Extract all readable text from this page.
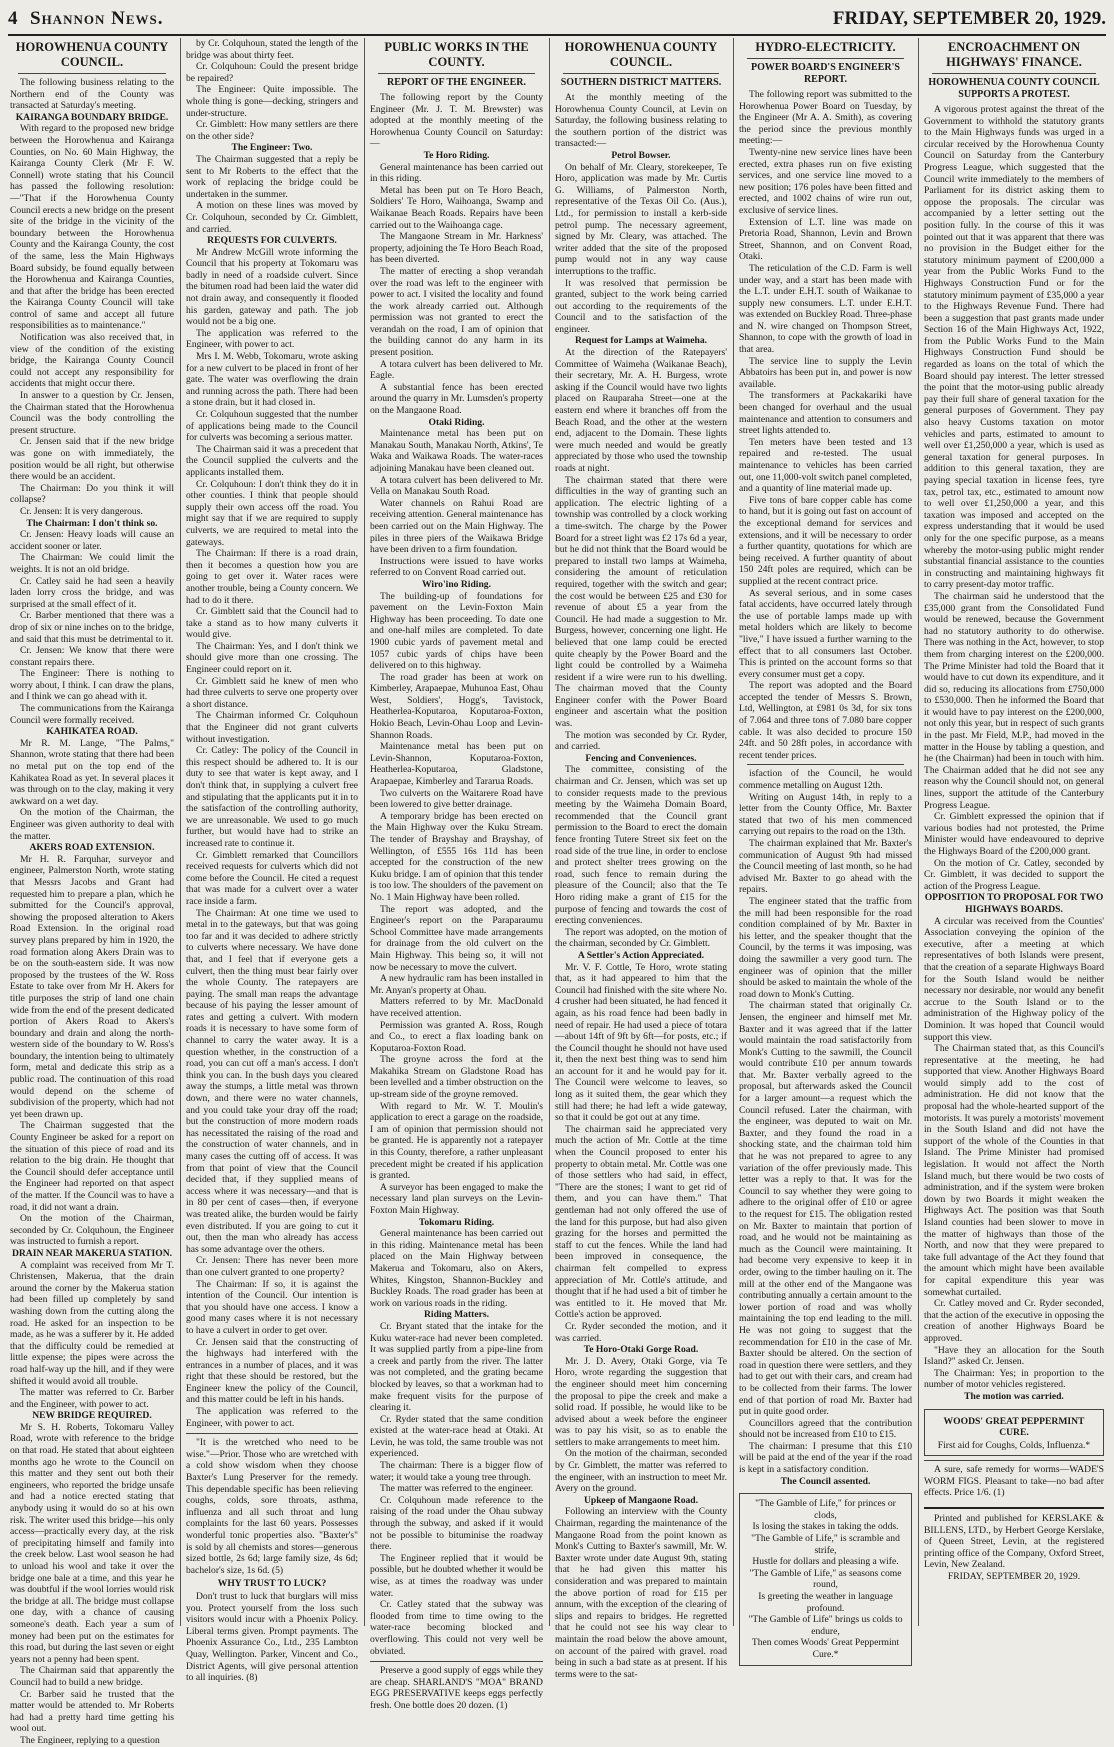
4 Shannon News.	FRIDAY, SEPTEMBER 20, 1929.
HOROWHENUA COUNTY COUNCIL.

The following business relating to the Northern end of the County was transacted at Saturday's meeting.

KAIRANGA BOUNDARY BRIDGE.

With regard to the proposed new bridge between the Horowhenua and Kairanga Counties, on No. 60 Main Highway, the Kairanga County Clerk (Mr F. W. Connell) wrote stating that his Council has passed the following resolution:—"That if the Horowhenua County Council erects a new bridge on the present site of the bridge in the vicinity of the boundary between the Horowhenua County and the Kairanga County, the cost of the same, less the Main Highways Board subsidy, be found equally between the Horowhenua and Kairanga Counties, and that after the bridge has been erected the Kairanga County Council will take control of same and accept all future responsibilities as to maintenance."

Notification was also received that, in view of the condition of the existing bridge, the Kairanga County Council could not accept any responsibility for accidents that might occur there.

In answer to a question by Cr. Jensen, the Chairman stated that the Horowhenua Council was the body controlling the present structure.

Cr. Jensen said that if the new bridge was gone on with immediately, the position would be all right, but otherwise there would be an accident.

The Chairman: Do you think it will collapse?

Cr. Jensen: It is very dangerous.

The Chairman: I don't think so.

Cr. Jensen: Heavy loads will cause an accident sooner or later.

The Chairman: We could limit the weights. It is not an old bridge.

Cr. Catley said he had seen a heavily laden lorry cross the bridge, and was surprised at the small effect of it.

Cr. Barber mentioned that there was a drop of six or nine inches on to the bridge, and said that this must be detrimental to it.

Cr. Jensen: We know that there were constant repairs there.

The Engineer: There is nothing to worry about, I think. I can draw the plans, and I think we can go ahead with it.

The communications from the Kairanga Council were formally received.

KAHIKATEA ROAD.

Mr R. M. Lange, "The Palms," Shannon, wrote stating that there had been no metal put on the top end of the Kahikatea Road as yet. In several places it was through on to the clay, making it very awkward on a wet day.

On the motion of the Chairman, the Engineer was given authority to deal with the matter.

AKERS ROAD EXTENSION.

Mr H. R. Farquhar, surveyor and engineer, Palmerston North, wrote stating that Messrs Jacobs and Grant had requested him to prepare a plan, which he submitted for the Council's approval, showing the proposed alteration to Akers Road Extension. In the original road survey plans prepared by him in 1920, the road formation along Akers Drain was to be on the south-eastern side. It was now proposed by the trustees of the W. Ross Estate to take over from Mr H. Akers for title purposes the strip of land one chain wide from the end of the present dedicated portion of Akers Road to Akers's boundary and drain and along the north-western side of the boundary to W. Ross's boundary, the intention being to ultimately form, metal and dedicate this strip as a public road. The continuation of this road would depend on the scheme of subdivision of the property, which had not yet been drawn up.

The Chairman suggested that the County Engineer be asked for a report on the situation of this piece of road and its relation to the big drain. He thought that the Council should defer acceptance until the Engineer had reported on that aspect of the matter. If the Council was to have a road, it did not want a drain.

On the motion of the Chairman, seconded by Cr. Colquhoun, the Engineer was instructed to furnish a report.

DRAIN NEAR MAKERUA STATION.

A complaint was received from Mr T. Christensen, Makerua, that the drain around the corner by the Makerua station had been filled up completely by sand washing down from the cutting along the road. He asked for an inspection to be made, as he was a sufferer by it. He added that the difficulty could be remedied at little expense; the pipes were across the road half-way up the hill, and if they were shifted it would avoid all trouble.

The matter was referred to Cr. Barber and the Engineer, with power to act.

NEW BRIDGE REQUIRED.

Mr S. H. Roberts, Tokomaru Valley Road, wrote with reference to the bridge on that road. He stated that about eighteen months ago he wrote to the Council on this matter and they sent out both their engineers, who reported the bridge unsafe and had a notice erected stating that anybody using it would do so at his own risk. The writer used this bridge—his only access—practically every day, at the risk of precipitating himself and family into the creek below. Last wool season he had to unload his wool and take it over the bridge one bale at a time, and this year he was doubtful if the wool lorries would risk the bridge at all. The bridge must collapse one day, with a chance of causing someone's death. Each year a sum of money had been put on the estimates for this road, but during the last seven or eight years not a penny had been spent.

The Chairman said that apparently the Council had to build a new bridge.

Cr. Barber said he trusted that the matter would be attended to. Mr Roberts had had a pretty hard time getting his wool out.

The Engineer, replying to a question

by Cr. Colquhoun, stated the length of the bridge was about thirty feet.

Cr. Colquhoun: Could the present bridge be repaired?

The Engineer: Quite impossible. The whole thing is gone—decking, stringers and under-structure.

Cr. Gimblett: How many settlers are there on the other side?

The Engineer: Two.

The Chairman suggested that a reply be sent to Mr Roberts to the effect that the work of replacing the bridge could be undertaken in the summer.

A motion on these lines was moved by Cr. Colquhoun, seconded by Cr. Gimblett, and carried.

REQUESTS FOR CULVERTS.

Mr Andrew McGill wrote informing the Council that his property at Tokomaru was badly in need of a roadside culvert. Since the bitumen road had been laid the water did not drain away, and consequently it flooded his garden, gateway and path. The job would not be a big one.

The application was referred to the Engineer, with power to act.

Mrs I. M. Webb, Tokomaru, wrote asking for a new culvert to be placed in front of her gate. The water was overflowing the drain and running across the path. There had been a stone drain, but it had closed in.

Cr. Colquhoun suggested that the number of applications being made to the Council for culverts was becoming a serious matter.

The Chairman said it was a precedent that the Council supplied the culverts and the applicants installed them.

Cr. Colquhoun: I don't think they do it in other counties. I think that people should supply their own access off the road. You might say that if we are required to supply culverts, we are required to metal into the gateways.

The Chairman: If there is a road drain, then it becomes a question how you are going to get over it. Water races were another trouble, being a County concern. We had to do it there.

Cr. Gimblett said that the Council had to take a stand as to how many culverts it would give.

The Chairman: Yes, and I don't think we should give more than one crossing. The Engineer could report on it.

Cr. Gimblett said he knew of men who had three culverts to serve one property over a short distance.

The Chairman informed Cr. Colquhoun that the Engineer did not grant culverts without investigation.

Cr. Catley: The policy of the Council in this respect should be adhered to. It is our duty to see that water is kept away, and I don't think that, in supplying a culvert free and stipulating that the applicants put it in to the satisfaction of the controlling authority, we are unreasonable. We used to go much further, but would have had to strike an increased rate to continue it.

Cr. Gimblett remarked that Councillors received requests for culverts which did not come before the Council. He cited a request that was made for a culvert over a water race inside a farm.

The Chairman: At one time we used to metal in to the gateways, but that was going too far and it was decided to adhere strictly to culverts where necessary. We have done that, and I feel that if everyone gets a culvert, then the thing must bear fairly over the whole County. The ratepayers are paying. The small man reaps the advantage because of his paying the lesser amount of rates and getting a culvert. With modern roads it is necessary to have some form of channel to carry the water away. It is a question whether, in the construction of a road, you can cut off a man's access. I don't think you can. In the bush days you cleared away the stumps, a little metal was thrown down, and there were no water channels, and you could take your dray off the road; but the construction of more modern roads has necessitated the raising of the road and the construction of water channels, and in many cases the cutting off of access. It was from that point of view that the Council decided that, if they supplied means of access where it was necessary—and that is in 80 per cent of cases—then, if everyone was treated alike, the burden would be fairly even distributed. If you are going to cut it out, then the man who already has access has some advantage over the others.

Cr. Jensen: There has never been more than one culvert granted to one property?

The Chairman: If so, it is against the intention of the Council. Our intention is that you should have one access. I know a good many cases where it is not necessary to have a culvert in order to get over.

Cr. Jensen said that the constructing of the highways had interfered with the entrances in a number of places, and it was right that these should be restored, but the Engineer knew the policy of the Council, and this matter could be left in his hands.

The application was referred to the Engineer, with power to act.

"It is the wretched who need to be wise."—Prior. Those who are wretched with a cold show wisdom when they choose Baxter's Lung Preserver for the remedy. This dependable specific has been relieving coughs, colds, sore throats, asthma, influenza and all such throat and lung complaints for the last 60 years. Possesses wonderful tonic properties also. "Baxter's" is sold by all chemists and stores—generous sized bottle, 2s 6d; large family size, 4s 6d; bachelor's size, 1s 6d. (5)

WHY TRUST TO LUCK?

Don't trust to luck that burglars will miss you. Protect yourself from the loss such visitors would incur with a Phoenix Policy. Liberal terms given. Prompt payments. The Phoenix Assurance Co., Ltd., 235 Lambton Quay, Wellington. Parker, Vincent and Co., District Agents, will give personal attention to all inquiries. (8)

PUBLIC WORKS IN THE COUNTY.
REPORT OF THE ENGINEER.

The following report by the County Engineer (Mr. J. T. M. Brewster) was adopted at the monthly meeting of the Horowhenua County Council on Saturday:—

Te Horo Riding.

General maintenance has been carried out in this riding.

Metal has been put on Te Horo Beach, Soldiers' Te Horo, Waihoanga, Swamp and Waikanae Beach Roads. Repairs have been carried out to the Waihoanga cage.

The Mangaone Stream in Mr. Harkness' property, adjoining the Te Horo Beach Road, has been diverted.

The matter of erecting a shop verandah over the road was left to the engineer with power to act. I visited the locality and found the work already carried out. Although permission was not granted to erect the verandah on the road, I am of opinion that the building cannot do any harm in its present position.

A totara culvert has been delivered to Mr. Eagle.

A substantial fence has been erected around the quarry in Mr. Lumsden's property on the Mangaone Road.

Otaki Riding.

Maintenance metal has been put on Manakau South, Manakau North, Atkins', Te Waka and Waikawa Roads. The water-races adjoining Manakau have been cleaned out.

A totara culvert has been delivered to Mr. Vella on Manakau South Road.

Water channels on Rahui Road are receiving attention. General maintenance has been carried out on the Main Highway. The piles in three piers of the Waikawa Bridge have been driven to a firm foundation.

Instructions were issued to have works referred to on Convent Road carried out.

Wiro'ino Riding.

The building-up of foundations for pavement on the Levin-Foxton Main Highway has been proceeding. To date one and one-half miles are completed. To date 1900 cubic yards of pavement metal and 1057 cubic yards of chips have been delivered on to this highway.

The road grader has been at work on Kimberley, Arapaepae, Muhunoa East, Ohau West, Soldiers', Hogg's, Tavistock, Heatherlea-Koputaroa, Koputaroa-Foxton, Hokio Beach, Levin-Ohau Loop and Levin-Shannon Roads.

Maintenance metal has been put on Levin-Shannon, Koputaroa-Foxton, Heatherlea-Koputaroa, Gladstone, Arapaepae, Kimberley and Tararua Roads.

Two culverts on the Waitarere Road have been lowered to give better drainage.

A temporary bridge has been erected on the Main Highway over the Kuku Stream. The tender of Brayshay and Brayshay, of Wellington, of £555 16s 11d has been accepted for the construction of the new Kuku bridge. I am of opinion that this tender is too low. The shoulders of the pavement on No. 1 Main Highway have been rolled.

The report was adopted, and the Engineer's report on the Paraparaumu School Committee have made arrangements for drainage from the old culvert on the Main Highway. This being so, it will not now be necessary to move the culvert.

A new hydraulic ram has been installed in Mr. Anyan's property at Ohau.

Matters referred to by Mr. MacDonald have received attention.

Permission was granted A. Ross, Rough and Co., to erect a flax loading bank on Koputaroa-Foxton Road.

The groyne across the ford at the Makahika Stream on Gladstone Road has been levelled and a timber obstruction on the up-stream side of the groyne removed.

With regard to Mr. W. T. Moulin's application to erect a garage on the roadside, I am of opinion that permission should not be granted. He is apparently not a ratepayer in this County, therefore, a rather unpleasant precedent might be created if his application is granted.

A surveyor has been engaged to make the necessary land plan surveys on the Levin-Foxton Main Highway.

Tokomaru Riding.

General maintenance has been carried out in this riding. Maintenance metal has been placed on the Main Highway between Makerua and Tokomaru, also on Akers, Whites, Kingston, Shannon-Buckley and Buckley Roads. The road grader has been at work on various roads in the riding.

Riding Matters.

Cr. Bryant stated that the intake for the Kuku water-race had never been completed. It was supplied partly from a pipe-line from a creek and partly from the river. The latter was not completed, and the grating became blocked by leaves, so that a workman had to make frequent visits for the purpose of clearing it.

Cr. Ryder stated that the same condition existed at the water-race head at Otaki. At Levin, he was told, the same trouble was not experienced.

The chairman: There is a bigger flow of water; it would take a young tree through.

The matter was referred to the engineer.

Cr. Colquhoun made reference to the raising of the road under the Ohau subway through the subway, and asked if it would not be possible to bituminise the roadway there.

The Engineer replied that it would be possible, but he doubted whether it would be wise, as at times the roadway was under water.

Cr. Catley stated that the subway was flooded from time to time owing to the water-race becoming blocked and overflowing. This could not very well be obviated.

Preserve a good supply of eggs while they are cheap. SHARLAND'S "MOA" BRAND EGG PRESERVATIVE keeps eggs perfectly fresh. One bottle does 20 dozen. (1)

HOROWHENUA COUNTY COUNCIL.
SOUTHERN DISTRICT MATTERS.

At the monthly meeting of the Horowhenua County Council, at Levin on Saturday, the following business relating to the southern portion of the district was transacted:—

Petrol Bowser.

On behalf of Mr. Cleary, storekeeper, Te Horo, application was made by Mr. Curtis G. Williams, of Palmerston North, representative of the Texas Oil Co. (Aus.), Ltd., for permission to install a kerb-side petrol pump. The necessary agreement, signed by Mr. Cleary, was attached. The writer added that the site of the proposed pump would not in any way cause interruptions to the traffic.

It was resolved that permission be granted, subject to the work being carried out according to the requirements of the Council and to the satisfaction of the engineer.

Request for Lamps at Waimeha.

At the direction of the Ratepayers' Committee of Waimeha (Waikanae Beach), their secretary, Mr. A. H. Burgess, wrote asking if the Council would have two lights placed on Rauparaha Street—one at the eastern end where it branches off from the Beach Road, and the other at the western end, adjacent to the Domain. These lights were much needed and would be greatly appreciated by those who used the township roads at night.

The chairman stated that there were difficulties in the way of granting such an application. The electric lighting of a township was controlled by a clock working a time-switch. The charge by the Power Board for a street light was £2 17s 6d a year, but he did not think that the Board would be prepared to install two lamps at Waimeha, considering the amount of reticulation required, together with the switch and gear; the cost would be between £25 and £30 for revenue of about £5 a year from the Council. He had made a suggestion to Mr. Burgess, however, concerning one light. He believed that one lamp could be erected quite cheaply by the Power Board and the light could be controlled by a Waimeha resident if a wire were run to his dwelling. The chairman moved that the County Engineer confer with the Power Board engineer and ascertain what the position was.

The motion was seconded by Cr. Ryder, and carried.

Fencing and Conveniences.

The committee, consisting of the chairman and Cr. Jensen, which was set up to consider requests made to the previous meeting by the Waimeha Domain Board, recommended that the Council grant permission to the Board to erect the domain fence fronting Tutere Street six feet on the road side of the true line, in order to enclose and protect shelter trees growing on the road, such fence to remain during the pleasure of the Council; also that the Te Horo riding make a grant of £15 for the purpose of fencing and towards the cost of erecting conveniences.

The report was adopted, on the motion of the chairman, seconded by Cr. Gimblett.

A Settler's Action Appreciated.

Mr. V. F. Cottle, Te Horo, wrote stating that, as it had appeared to him that the Council had finished with the site where No. 4 crusher had been situated, he had fenced it again, as his road fence had been badly in need of repair. He had used a piece of totara—about 14ft of 9ft by 6ft—for posts, etc.; if the Council thought he should not have used it, then the next best thing was to send him an account for it and he would pay for it. The Council were welcome to leaves, so long as it suited them, the gear which they still had there; he had left a wide gateway, so that it could be got out at any time.

The chairman said he appreciated very much the action of Mr. Cottle at the time when the Council proposed to enter his property to obtain metal. Mr. Cottle was one of those settlers who had said, in effect, "There are the stones; I want to get rid of them, and you can have them." That gentleman had not only offered the use of the land for this purpose, but had also given grazing for the horses and permitted the staff to cut the fences. While the land had been improved in consequence, the chairman felt compelled to express appreciation of Mr. Cottle's attitude, and thought that if he had used a bit of timber he was entitled to it. He moved that Mr. Cottle's action be approved.

Cr. Ryder seconded the motion, and it was carried.

Te Horo-Otaki Gorge Road.

Mr. J. D. Avery, Otaki Gorge, via Te Horo, wrote regarding the suggestion that the engineer should meet him concerning the proposal to pipe the creek and make a solid road. If possible, he would like to be advised about a week before the engineer was to pay his visit, so as to enable the settlers to make arrangements to meet him.

On the motion of the chairman, seconded by Cr. Gimblett, the matter was referred to the engineer, with an instruction to meet Mr. Avery on the ground.

Upkeep of Mangaone Road.

Following an interview with the County Chairman, regarding the maintenance of the Mangaone Road from the point known as Monk's Cutting to Baxter's sawmill, Mr. W. Baxter wrote under date August 9th, stating that he had given this matter his consideration and was prepared to maintain the above portion of road for £15 per annum, with the exception of the clearing of slips and repairs to bridges. He regretted that he could not see his way clear to maintain the road below the above amount, on account of the paired with gravel. road being in such a bad state as at present. If his terms were to the sat-

HYDRO-ELECTRICITY.
POWER BOARD'S ENGINEER'S REPORT.

The following report was submitted to the Horowhenua Power Board on Tuesday, by the Engineer (Mr A. A. Smith), as covering the period since the previous monthly meeting:—

Twenty-nine new service lines have been erected, extra phases run on five existing services, and one service line moved to a new position; 176 poles have been fitted and erected, and 1002 chains of wire run out, exclusive of service lines.

Extension of L.T. line was made on Pretoria Road, Shannon, Levin and Brown Street, Shannon, and on Convent Road, Otaki.

The reticulation of the C.D. Farm is well under way, and a start has been made with the L.T. under E.H.T. south of Waikanae to supply new consumers. L.T. under E.H.T. was extended on Buckley Road. Three-phase and N. wire changed on Thompson Street, Shannon, to cope with the growth of load in that area.

The service line to supply the Levin Abbatoirs has been put in, and power is now available.

The transformers at Packakariki have been changed for overhaul and the usual maintenance and attention to consumers and street lights attended to.

Ten meters have been tested and 13 repaired and re-tested. The usual maintenance to vehicles has been carried out, one 11,000-volt switch panel completed, and a quantity of line material made up.

Five tons of bare copper cable has come to hand, but it is going out fast on account of the exceptional demand for services and extensions, and it will be necessary to order a further quantity, quotations for which are being received. A further quantity of about 150 24ft poles are required, which can be supplied at the recent contract price.

As several serious, and in some cases fatal accidents, have occurred lately through the use of portable lamps made up with metal holders which are likely to become "live," I have issued a further warning to the effect that to all consumers last October. This is printed on the account forms so that every consumer must get a copy.

The report was adopted and the Board accepted the tender of Messrs S. Brown, Ltd, Wellington, at £981 0s 3d, for six tons of 7.064 and three tons of 7.080 bare copper cable. It was also decided to procure 150 24ft. and 50 28ft poles, in accordance with recent tender prices.

isfaction of the Council, he would commence metalling on August 12th.

Writing on August 14th, in reply to a letter from the County Office, Mr. Baxter stated that two of his men commenced carrying out repairs to the road on the 13th.

The chairman explained that Mr. Baxter's communication of August 9th had missed the Council meeting of last month, so he had advised Mr. Baxter to go ahead with the repairs.

The engineer stated that the traffic from the mill had been responsible for the road condition complained of by Mr. Baxter in his letter, and the speaker thought that the Council, by the terms it was imposing, was doing the sawmiller a very good turn. The engineer was of opinion that the miller should be asked to maintain the whole of the road down to Monk's Cutting.

The chairman stated that originally Cr. Jensen, the engineer and himself met Mr. Baxter and it was agreed that if the latter would maintain the road satisfactorily from Monk's Cutting to the sawmill, the Council would contribute £10 per annum towards that. Mr. Baxter verbally agreed to the proposal, but afterwards asked the Council for a larger amount—a request which the Council refused. Later the chairman, with the engineer, was deputed to wait on Mr. Baxter, and they found the road in a shocking state, and the chairman told him that he was not prepared to agree to any variation of the offer previously made. This letter was a reply to that. It was for the Council to say whether they were going to adhere to the original offer of £10 or agree to the request for £15. The obligation rested on Mr. Baxter to maintain that portion of road, and he would not be maintaining as much as the Council were maintaining. It had become very expensive to keep it in order, owing to the timber hauling on it. The mill at the other end of the Mangaone was contributing annually a certain amount to the lower portion of road and was wholly maintaining the top end leading to the mill. He was not going to suggest that the recommendation for £10 in the case of Mr. Baxter should be altered. On the section of road in question there were settlers, and they had to get out with their cars, and cream had to be collected from their farms. The lower end of that portion of road Mr. Baxter had put in quite good order.

Councillors agreed that the contribution should not be increased from £10 to £15.

The chairman: I presume that this £10 will be paid at the end of the year if the road is kept in a satisfactory condition.

The Council assented.

"The Gamble of Life," for princes or clods,

Is losing the stakes in taking the odds.

"The Gamble of Life," is scramble and strife,

Hustle for dollars and pleasing a wife.

"The Gamble of Life," as seasons come round,

Is greeting the weather in language profound.

"The Gamble of Life" brings us colds to endure,

Then comes Woods' Great Peppermint Cure.*

ENCROACHMENT ON HIGHWAYS' FINANCE.
HOROWHENUA COUNTY COUNCIL SUPPORTS A PROTEST.

A vigorous protest against the threat of the Government to withhold the statutory grants to the Main Highways funds was urged in a circular received by the Horowhenua County Council on Saturday from the Canterbury Progress League, which suggested that the Council write immediately to the members of Parliament for its district asking them to oppose the proposals. The circular was accompanied by a letter setting out the position fully. In the course of this it was pointed out that it was apparent that there was no provision in the Budget either for the statutory minimum payment of £200,000 a year from the Public Works Fund to the Highways Construction Fund or for the statutory minimum payment of £35,000 a year to the Highways Revenue Fund. There had been a suggestion that past grants made under Section 16 of the Main Highways Act, 1922, from the Public Works Fund to the Main Highways Construction Fund should be regarded as loans on the total of which the Board should pay interest. The letter stressed the point that the motor-using public already pay their full share of general taxation for the general purposes of Government. They pay also heavy Customs taxation on motor vehicles and parts, estimated to amount to well over £1,250,000 a year, which is used as general taxation for general purposes. In addition to this general taxation, they are paying special taxation in license fees, tyre tax, petrol tax, etc., estimated to amount now to well over £1,250,000 a year, and this taxation was imposed and accepted on the express understanding that it would be used only for the one specific purpose, as a means whereby the motor-using public might render substantial financial assistance to the counties in constructing and maintaining highways fit to carry present-day motor traffic.

The chairman said he understood that the £35,000 grant from the Consolidated Fund would be renewed, because the Government had no statutory authority to do otherwise. There was nothing in the Act, however, to stop them from charging interest on the £200,000. The Prime Minister had told the Board that it would have to cut down its expenditure, and it did so, reducing its allocations from £750,000 to £530,000. Then he informed the Board that it would have to pay interest on the £200,000, not only this year, but in respect of such grants in the past. Mr Field, M.P., had moved in the matter in the House by tabling a question, and he (the Chairman) had been in touch with him. The Chairman added that he did not see any reason why the Council should not, on general lines, support the attitude of the Canterbury Progress League.

Cr. Gimblett expressed the opinion that if various bodies had not protested, the Prime Minister would have endeavoured to deprive the Highways Board of the £200,000 grant.

On the motion of Cr. Catley, seconded by Cr. Gimblett, it was decided to support the action of the Progress League.

OPPOSITION TO PROPOSAL FOR TWO HIGHWAYS BOARDS.

A circular was received from the Counties' Association conveying the opinion of the executive, after a meeting at which representatives of both Islands were present, that the creation of a separate Highways Board for the South Island would be neither necessary nor desirable, nor would any benefit accrue to the South Island or to the administration of the Highway policy of the Dominion. It was hoped that Council would support this view.

The Chairman stated that, as this Council's representative at the meeting, he had supported that view. Another Highways Board would simply add to the cost of administration. He did not know that the proposal had the whole-hearted support of the motorists. It was purely a motorists' movement in the South Island and did not have the support of the whole of the Counties in that Island. The Prime Minister had promised legislation. It would not affect the North Island much, but there would be two costs of administration, and if the system were broken down by two Boards it might weaken the Highways Act. The position was that South Island counties had been slower to move in the matter of highways than those of the North, and now that they were prepared to take full advantage of the Act they found that the amount which might have been available for capital expenditure this year was somewhat curtailed.

Cr. Catley moved and Cr. Ryder seconded, that the action of the executive in opposing the creation of another Highways Board be approved.

"Have they an allocation for the South Island?" asked Cr. Jensen.

The Chairman: Yes; in proportion to the number of motor vehicles registered.

The motion was carried.

WOODS' GREAT PEPPERMINT CURE.

First aid for Coughs, Colds, Influenza.*

A sure, safe remedy for worms—WADE'S WORM FIGS. Pleasant to take—no bad after effects. Price 1/6. (1)

Printed and published for KERSLAKE & BILLENS, LTD., by Herbert George Kerslake, of Queen Street, Levin, at the registered printing office of the Company, Oxford Street, Levin, New Zealand.

FRIDAY, SEPTEMBER 20, 1929.
